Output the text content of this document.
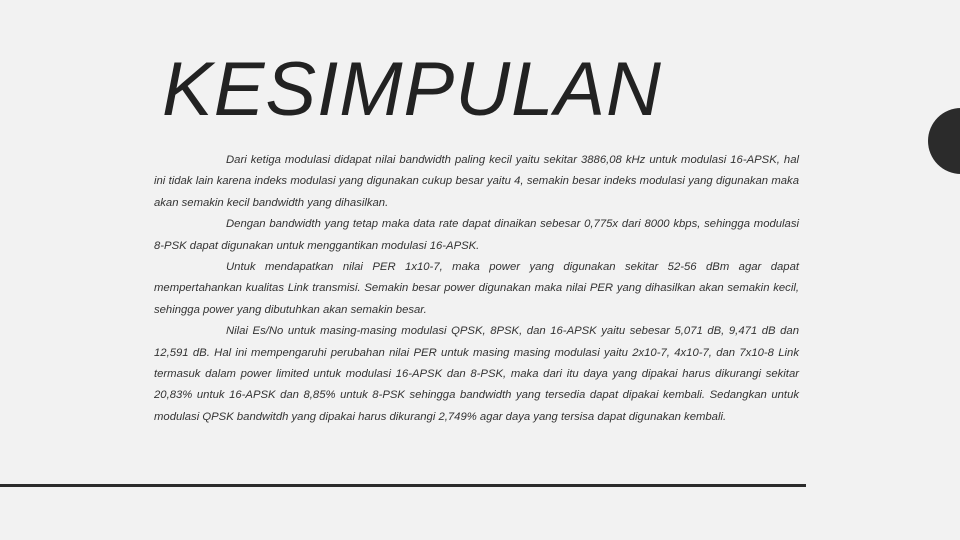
KESIMPULAN

Dari ketiga modulasi didapat nilai bandwidth paling kecil yaitu sekitar 3886,08 kHz untuk modulasi 16-APSK, hal ini tidak lain karena indeks modulasi yang digunakan cukup besar yaitu 4, semakin besar indeks modulasi yang digunakan maka akan semakin kecil bandwidth yang dihasilkan.

Dengan bandwidth yang tetap maka data rate dapat dinaikan sebesar 0,775x dari 8000 kbps, sehingga modulasi 8-PSK dapat digunakan untuk menggantikan modulasi 16-APSK.

Untuk mendapatkan nilai PER 1x10-7, maka power yang digunakan sekitar 52-56 dBm agar dapat mempertahankan kualitas Link transmisi. Semakin besar power digunakan maka nilai PER yang dihasilkan akan semakin kecil, sehingga power yang dibutuhkan akan semakin besar.

Nilai Es/No untuk masing-masing modulasi QPSK, 8PSK, dan 16-APSK yaitu sebesar 5,071 dB, 9,471 dB dan 12,591 dB. Hal ini mempengaruhi perubahan nilai PER untuk masing masing modulasi yaitu 2x10-7, 4x10-7, dan 7x10-8 Link termasuk dalam power limited untuk modulasi 16-APSK dan 8-PSK, maka dari itu daya yang dipakai harus dikurangi sekitar 20,83% untuk 16-APSK dan 8,85% untuk 8-PSK sehingga bandwidth yang tersedia dapat dipakai kembali. Sedangkan untuk modulasi QPSK bandwitdh yang dipakai harus dikurangi 2,749% agar daya yang tersisa dapat digunakan kembali.
